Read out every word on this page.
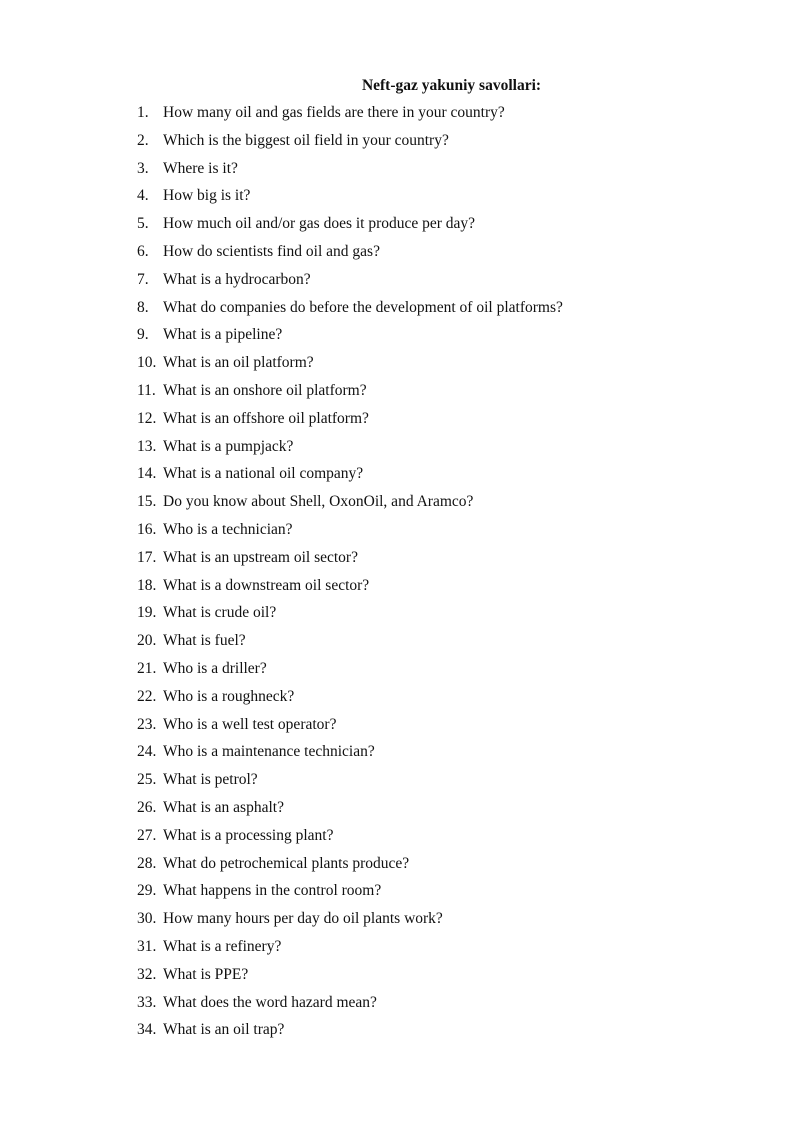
Neft-gaz yakuniy savollari:
1. How many oil and gas fields are there in your country?
2. Which is the biggest oil field in your country?
3. Where is it?
4. How big is it?
5. How much oil and/or gas does it produce per day?
6. How do scientists find oil and gas?
7. What is a hydrocarbon?
8. What do companies do before the development of oil platforms?
9. What is a pipeline?
10. What is an oil platform?
11. What is an onshore oil platform?
12. What is an offshore oil platform?
13. What is a pumpjack?
14. What is a national oil company?
15. Do you know about Shell, OxonOil, and Aramco?
16. Who is a technician?
17. What is an upstream oil sector?
18. What is a downstream oil sector?
19. What is crude oil?
20. What is fuel?
21. Who is a driller?
22. Who is a roughneck?
23. Who is a well test operator?
24. Who is a maintenance technician?
25. What is petrol?
26. What is an asphalt?
27. What is a processing plant?
28. What do petrochemical plants produce?
29. What happens in the control room?
30. How many hours per day do oil plants work?
31. What is a refinery?
32. What is PPE?
33. What does the word hazard mean?
34. What is an oil trap?
